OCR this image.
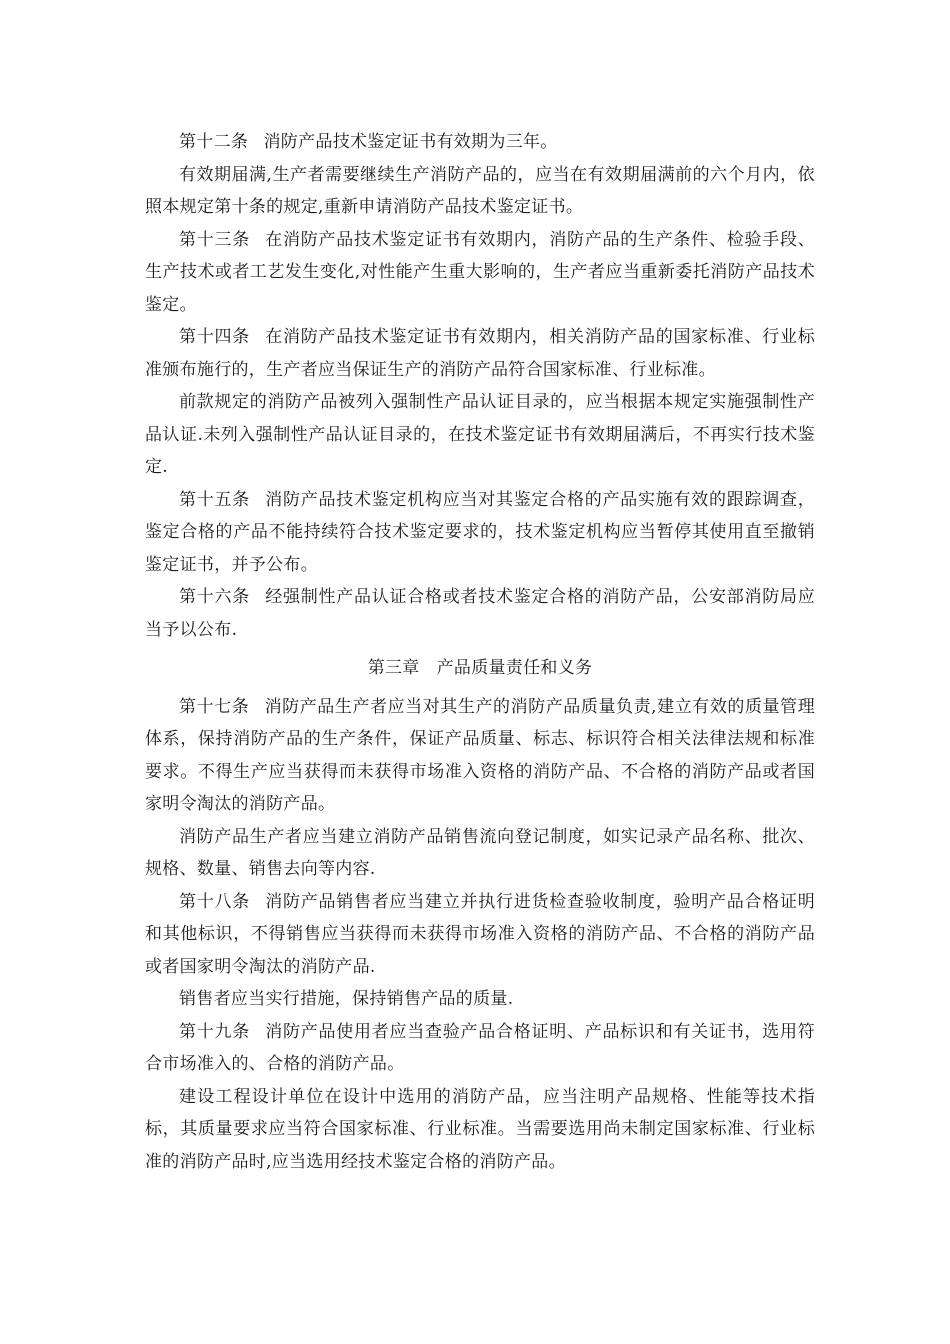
第十二条 消防产品技术鉴定证书有效期为三年。

有效期届满,生产者需要继续生产消防产品的，应当在有效期届满前的六个月内，依照本规定第十条的规定,重新申请消防产品技术鉴定证书。

第十三条 在消防产品技术鉴定证书有效期内，消防产品的生产条件、检验手段、生产技术或者工艺发生变化,对性能产生重大影响的，生产者应当重新委托消防产品技术鉴定。

第十四条 在消防产品技术鉴定证书有效期内，相关消防产品的国家标准、行业标准颁布施行的，生产者应当保证生产的消防产品符合国家标准、行业标准。

前款规定的消防产品被列入强制性产品认证目录的，应当根据本规定实施强制性产品认证.未列入强制性产品认证目录的，在技术鉴定证书有效期届满后，不再实行技术鉴定.

第十五条 消防产品技术鉴定机构应当对其鉴定合格的产品实施有效的跟踪调查，鉴定合格的产品不能持续符合技术鉴定要求的，技术鉴定机构应当暂停其使用直至撤销鉴定证书，并予公布。

第十六条 经强制性产品认证合格或者技术鉴定合格的消防产品，公安部消防局应当予以公布.

第三章 产品质量责任和义务

第十七条 消防产品生产者应当对其生产的消防产品质量负责,建立有效的质量管理体系，保持消防产品的生产条件，保证产品质量、标志、标识符合相关法律法规和标准要求。不得生产应当获得而未获得市场准入资格的消防产品、不合格的消防产品或者国家明令淘汰的消防产品。

消防产品生产者应当建立消防产品销售流向登记制度，如实记录产品名称、批次、规格、数量、销售去向等内容.

第十八条 消防产品销售者应当建立并执行进货检查验收制度，验明产品合格证明和其他标识，不得销售应当获得而未获得市场准入资格的消防产品、不合格的消防产品或者国家明令淘汰的消防产品.

销售者应当实行措施，保持销售产品的质量.

第十九条 消防产品使用者应当查验产品合格证明、产品标识和有关证书，选用符合市场准入的、合格的消防产品。

建设工程设计单位在设计中选用的消防产品，应当注明产品规格、性能等技术指标，其质量要求应当符合国家标准、行业标准。当需要选用尚未制定国家标准、行业标准的消防产品时,应当选用经技术鉴定合格的消防产品。
